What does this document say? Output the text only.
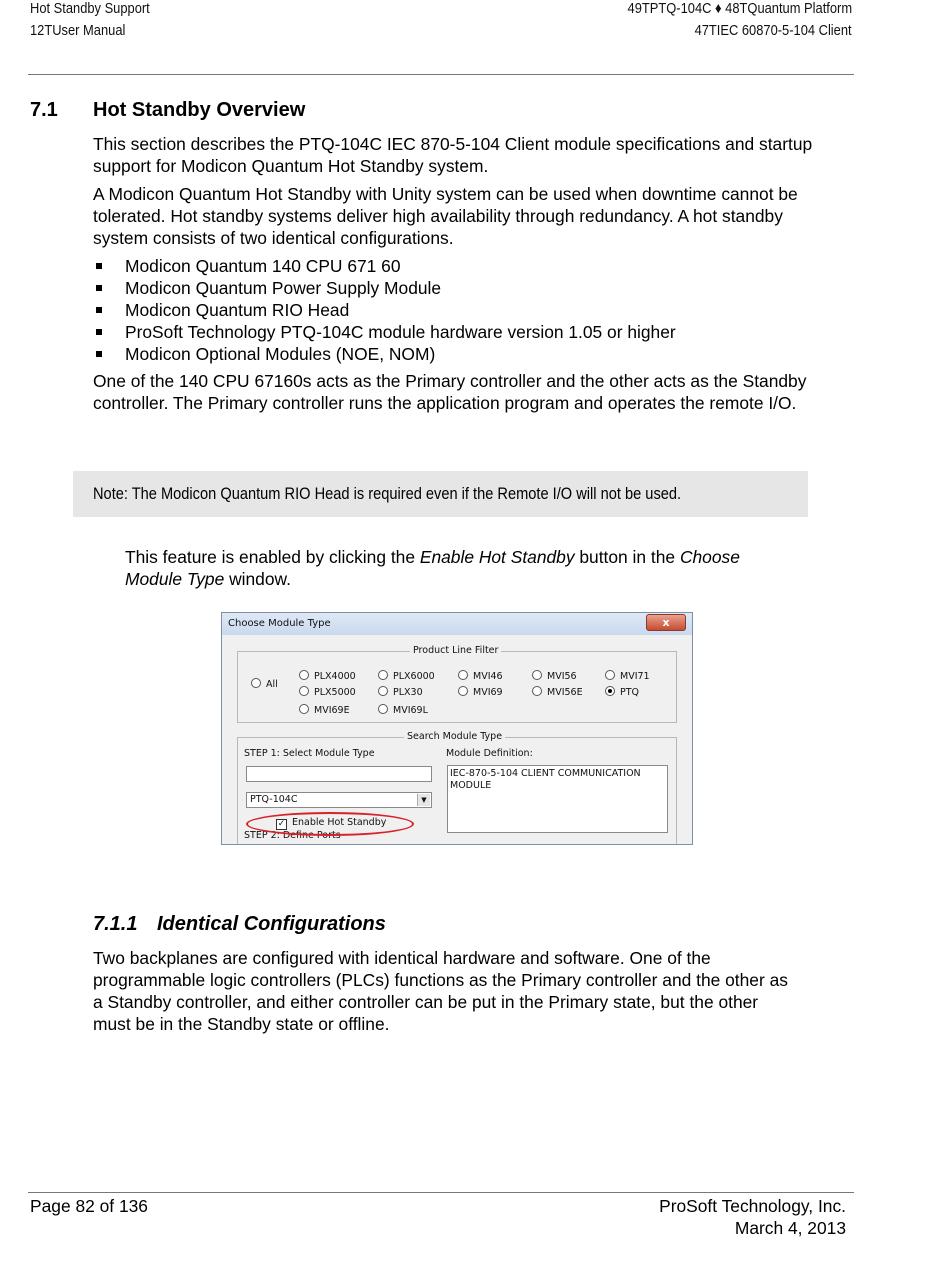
Hot Standby Support
12TUser Manual
49TPTQ-104C ♦ 48TQuantum Platform
47TIEC 60870-5-104 Client
7.1 Hot Standby Overview
This section describes the PTQ-104C IEC 870-5-104 Client module specifications and startup support for Modicon Quantum Hot Standby system.
A Modicon Quantum Hot Standby with Unity system can be used when downtime cannot be tolerated. Hot standby systems deliver high availability through redundancy. A hot standby system consists of two identical configurations.
Modicon Quantum 140 CPU 671 60
Modicon Quantum Power Supply Module
Modicon Quantum RIO Head
ProSoft Technology PTQ-104C module hardware version 1.05 or higher
Modicon Optional Modules (NOE, NOM)
One of the 140 CPU 67160s acts as the Primary controller and the other acts as the Standby controller. The Primary controller runs the application program and operates the remote I/O.
Note: The Modicon Quantum RIO Head is required even if the Remote I/O will not be used.
This feature is enabled by clicking the Enable Hot Standby button in the Choose Module Type window.
Choose Module Type	x
Product Line Filter
All
PLX4000	PLX6000	MVI46	MVI56	MVI71
PLX5000	PLX30	MVI69	MVI56E	PTQ
MVI69E	MVI69L
Search Module Type
STEP 1: Select Module Type
PTQ-104C	▼
✓ Enable Hot Standby
STEP 2: Define Ports
Module Definition:
IEC-870-5-104 CLIENT COMMUNICATION
MODULE
7.1.1 Identical Configurations
Two backplanes are configured with identical hardware and software. One of the programmable logic controllers (PLCs) functions as the Primary controller and the other as a Standby controller, and either controller can be put in the Primary state, but the other must be in the Standby state or offline.
Page 82 of 136	ProSoft Technology, Inc.
March 4, 2013
